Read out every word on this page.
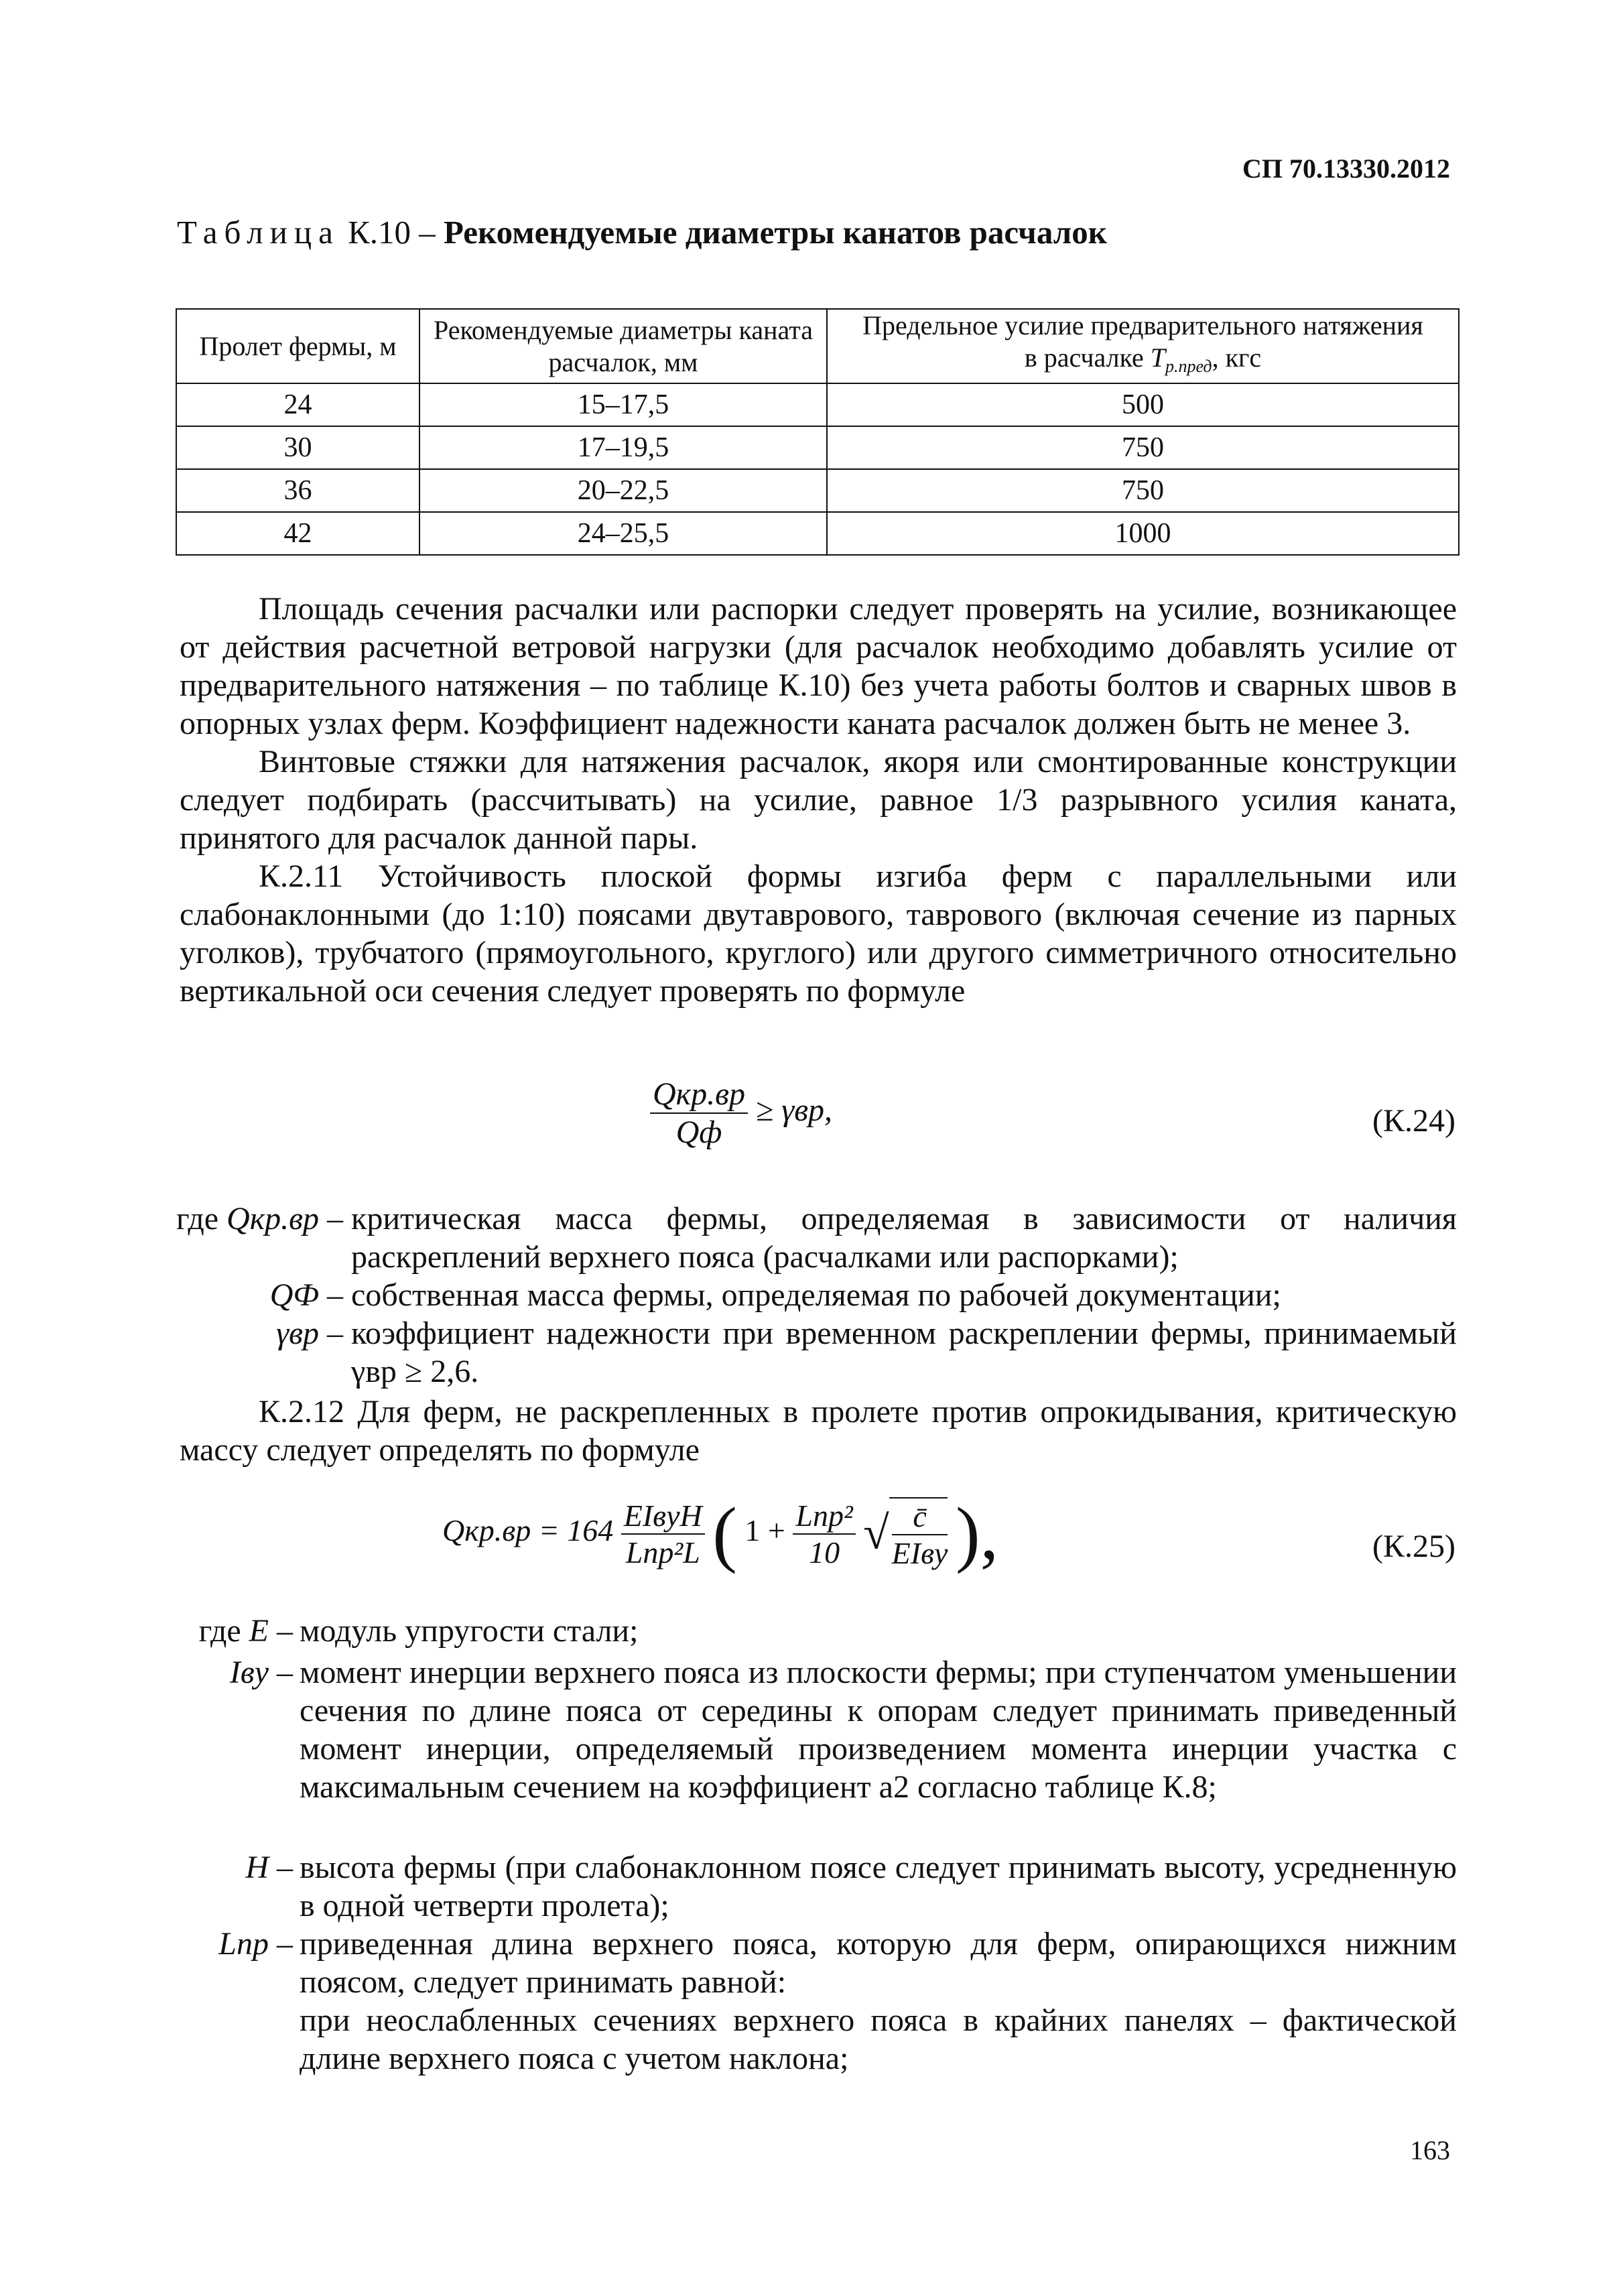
СП 70.13330.2012
Таблица К.10 – Рекомендуемые диаметры канатов расчалок
Пролет фермы, м	Рекомендуемые диаметры каната расчалок, мм	Предельное усилие предварительного натяжения
в расчалке $T_{р.пред}$, кгс
24	15–17,5	500
30	17–19,5	750
36	20–22,5	750
42	24–25,5	1000

Площадь сечения расчалки или распорки следует проверять на усилие, возникающее от действия расчетной ветровой нагрузки (для расчалок необходимо добавлять усилие от предварительного натяжения – по таблице К.10) без учета работы болтов и сварных швов в опорных узлах ферм. Коэффициент надежности каната расчалок должен быть не менее 3.

Винтовые стяжки для натяжения расчалок, якоря или смонтированные конструкции следует подбирать (рассчитывать) на усилие, равное 1/3 разрывного усилия каната, принятого для расчалок данной пары.

К.2.11 Устойчивость плоской формы изгиба ферм с параллельными или слабонаклонными (до 1:10) поясами двутаврового, таврового (включая сечение из парных уголков), трубчатого (прямоугольного, круглого) или другого симметричного относительно вертикальной оси сечения следует проверять по формуле

$\frac{\text{Qкр.вр}}{Qф} \ge \gamma вр$,	(К.24)
где Qкр.вр – критическая масса фермы, определяемая в зависимости от наличия раскреплений верхнего пояса (расчалками или распорками);
QФ – собственная масса фермы, определяемая по рабочей документации;
γвр – коэффициент надежности при временном раскреплении фермы, принимаемый γвр ≥ 2,6.

К.2.12 Для ферм, не раскрепленных в пролете против опрокидывания, критическую массу следует определять по формуле

$Qкр.вр = 164 \frac{\text{EIвуH}}{\text{Lпр²L}}$ ( $1 + \frac{\text{Lпр²}}{10}$ √ $\frac{c̄}{\text{EIву}}$ ),	(К.25)
где E – модуль упругости стали;
Iву – момент инерции верхнего пояса из плоскости фермы; при ступенчатом уменьшении сечения по длине пояса от середины к опорам следует принимать приведенный момент инерции, определяемый произведением момента инерции участка с максимальным сечением на коэффициент a2 согласно таблице К.8;
H – высота фермы (при слабонаклонном поясе следует принимать высоту, усредненную в одной четверти пролета);
Lпр – приведенная длина верхнего пояса, которую для ферм, опирающихся нижним поясом, следует принимать равной:
при неослабленных сечениях верхнего пояса в крайних панелях – фактической длине верхнего пояса с учетом наклона;
163
